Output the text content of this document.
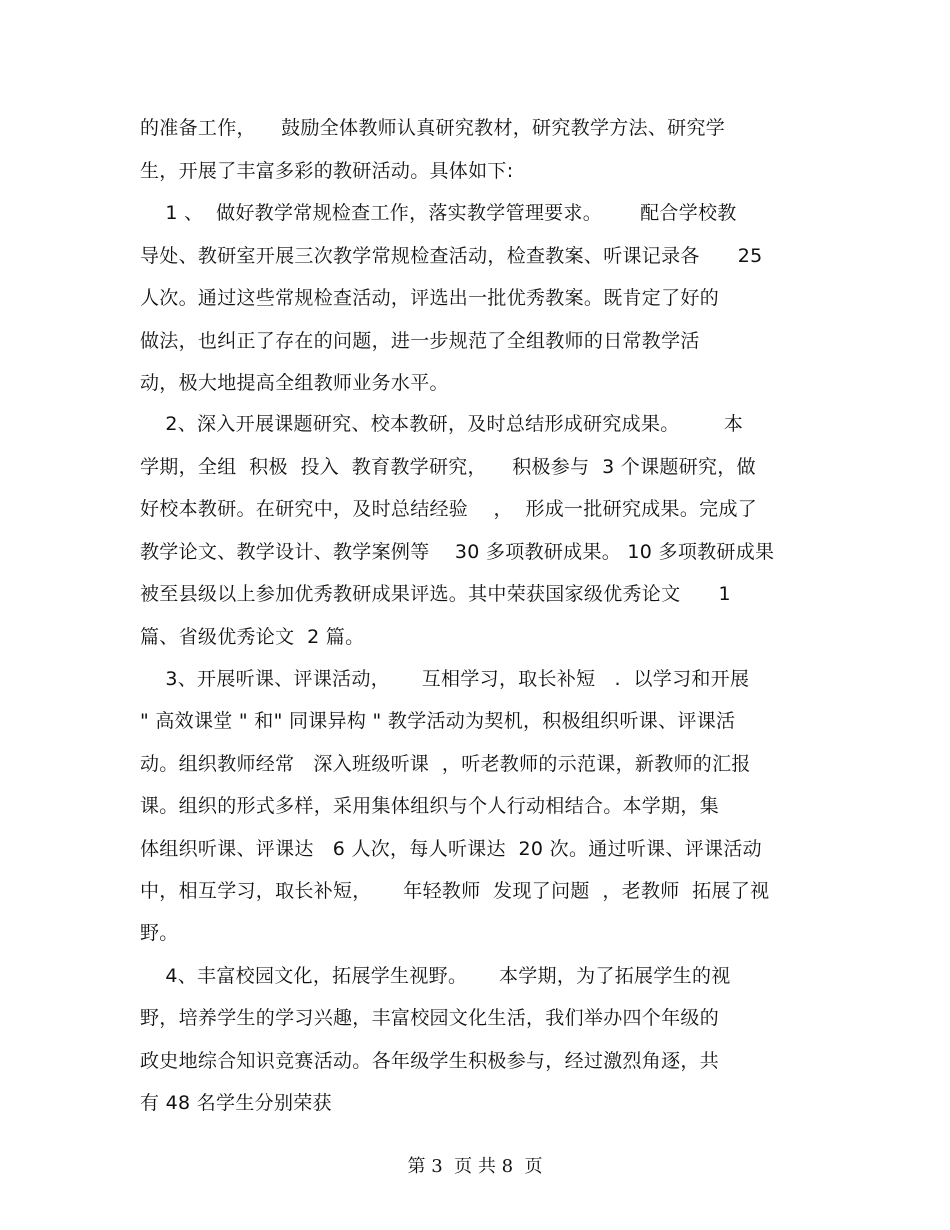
的准备工作，    鼓励全体教师认真研究教材，研究教学方法、研究学
生，开展了丰富多彩的教研活动。具体如下:
1 、  做好教学常规检查工作，落实教学管理要求。      配合学校教
导处、教研室开展三次教学常规检查活动，检查教案、听课记录各      25
人次。通过这些常规检查活动，评选出一批优秀教案。既肯定了好的
做法，也纠正了存在的问题，进一步规范了全组教师的日常教学活
动，极大地提高全组教师业务水平。
2、深入开展课题研究、校本教研，及时总结形成研究成果。       本
学期，全组  积极  投入  教育教学研究，    积极参与  3 个课题研究，做
好校本教研。在研究中，及时总结经验    ，  形成一批研究成果。完成了
教学论文、教学设计、教学案例等    30 多项教研成果。 10 多项教研成果
被至县级以上参加优秀教研成果评选。其中荣获国家级优秀论文      1
篇、省级优秀论文  2 篇。
3、开展听课、评课活动，     互相学习，取长补短   .  以学习和开展
" 高效课堂 " 和" 同课异构 " 教学活动为契机，积极组织听课、评课活
动。组织教师经常   深入班级听课  ，听老教师的示范课，新教师的汇报
课。组织的形式多样，采用集体组织与个人行动相结合。本学期，集
体组织听课、评课达   6 人次，每人听课达  20 次。通过听课、评课活动
中，相互学习，取长补短，     年轻教师  发现了问题  ，老教师  拓展了视
野。
4、丰富校园文化，拓展学生视野。     本学期，为了拓展学生的视
野，培养学生的学习兴趣，丰富校园文化生活，我们举办四个年级的
政史地综合知识竞赛活动。各年级学生积极参与，经过激烈角逐，共
有 48 名学生分别荣获
第 3  页 共 8  页
